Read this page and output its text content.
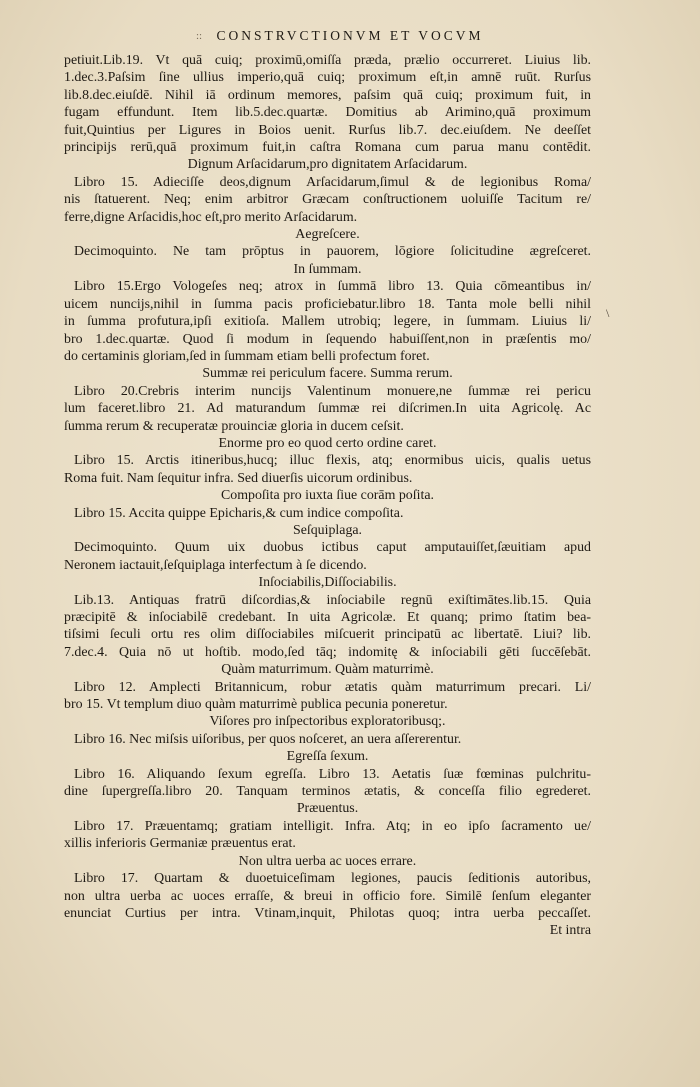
::	CONSTRVCTIONVM ET VOCVM
\
petiuit.Lib.19. Vt quā cuiq; proximū,omiſſa præda, prælio occurreret. Liuius lib.
1.dec.3.Paſsim ſine ullius imperio,quā cuiq; proximum eſt,in amnē ruūt. Rurſus
lib.8.dec.eiuſdē. Nihil iā ordinum memores, paſsim quā cuiq; proximum fuit, in
fugam effundunt. Item lib.5.dec.quartæ. Domitius ab Arimino,quā proximum
fuit,Quintius per Ligures in Boios uenit. Rurſus lib.7. dec.eiuſdem. Ne deeſſet
principijs rerū,quā proximum fuit,in caſtra Romana cum parua manu contēdit.
Dignum Arſacidarum,pro dignitatem Arſacidarum.
Libro 15. Adieciſſe deos,dignum Arſacidarum,ſimul & de legionibus Roma/
nis ſtatuerent. Neq; enim arbitror Græcam conſtructionem uoluiſſe Tacitum re/
ferre,digne Arſacidis,hoc eſt,pro merito Arſacidarum.
Aegreſcere.
Decimoquinto. Ne tam prōptus in pauorem, lōgiore ſolicitudine ægreſceret.
In ſummam.
Libro 15.Ergo Vologeſes neq; atrox in ſummā libro 13. Quia cōmeantibus in/
uicem nuncijs,nihil in ſumma pacis proficiebatur.libro 18. Tanta mole belli nihil
in ſumma profutura,ipſi exitioſa. Mallem utrobiq; legere, in ſummam. Liuius li/
bro 1.dec.quartæ. Quod ſi modum in ſequendo habuiſſent,non in præſentis mo/
do certaminis gloriam,ſed in ſummam etiam belli profectum foret.
Summæ rei periculum facere. Summa rerum.
Libro 20.Crebris interim nuncijs Valentinum monuere,ne ſummæ rei pericu
lum faceret.libro 21. Ad maturandum ſummæ rei diſcrimen.In uita Agricolę. Ac
ſumma rerum & recuperatæ prouinciæ gloria in ducem ceſsit.
Enorme pro eo quod certo ordine caret.
Libro 15. Arctis itineribus,hucq; illuc flexis, atq; enormibus uicis, qualis uetus
Roma fuit. Nam ſequitur infra. Sed diuerſis uicorum ordinibus.
Compoſita pro iuxta ſiue corām poſita.
Libro 15. Accita quippe Epicharis,& cum indice compoſita.
Seſquiplaga.
Decimoquinto. Quum uix duobus ictibus caput amputauiſſet,ſæuitiam apud
Neronem iactauit,ſeſquiplaga interfectum à ſe dicendo.
Inſociabilis,Diſſociabilis.
Lib.13. Antiquas fratrū diſcordias,& inſociabile regnū exiſtimātes.lib.15. Quia
præcipitē & inſociabilē credebant. In uita Agricolæ. Et quanq; primo ſtatim bea-
tiſsimi ſeculi ortu res olim diſſociabiles miſcuerit principatū ac libertatē. Liui? lib.
7.dec.4. Quia nō ut hoſtib. modo,ſed tāq; indomitę & inſociabili gēti ſuccēſebāt.
Quàm maturrimum. Quàm maturrimè.
Libro 12. Amplecti Britannicum, robur ætatis quàm maturrimum precari. Li/
bro 15. Vt templum diuo quàm maturrimè publica pecunia poneretur.
Viſores pro inſpectoribus exploratoribusq;.
Libro 16. Nec miſsis uiſoribus, per quos noſceret, an uera aſſererentur.
Egreſſa ſexum.
Libro 16. Aliquando ſexum egreſſa. Libro 13. Aetatis ſuæ fœminas pulchritu-
dine ſupergreſſa.libro 20. Tanquam terminos ætatis, & conceſſa filio egrederet.
Præuentus.
Libro 17. Præuentamq; gratiam intelligit. Infra. Atq; in eo ipſo ſacramento ue/
xillis inferioris Germaniæ præuentus erat.
Non ultra uerba ac uoces errare.
Libro 17. Quartam & duoetuiceſimam legiones, paucis ſeditionis autoribus,
non ultra uerba ac uoces erraſſe, & breui in officio fore. Similē ſenſum eleganter
enunciat Curtius per intra. Vtinam,inquit, Philotas quoq; intra uerba peccaſſet.
Et intra
